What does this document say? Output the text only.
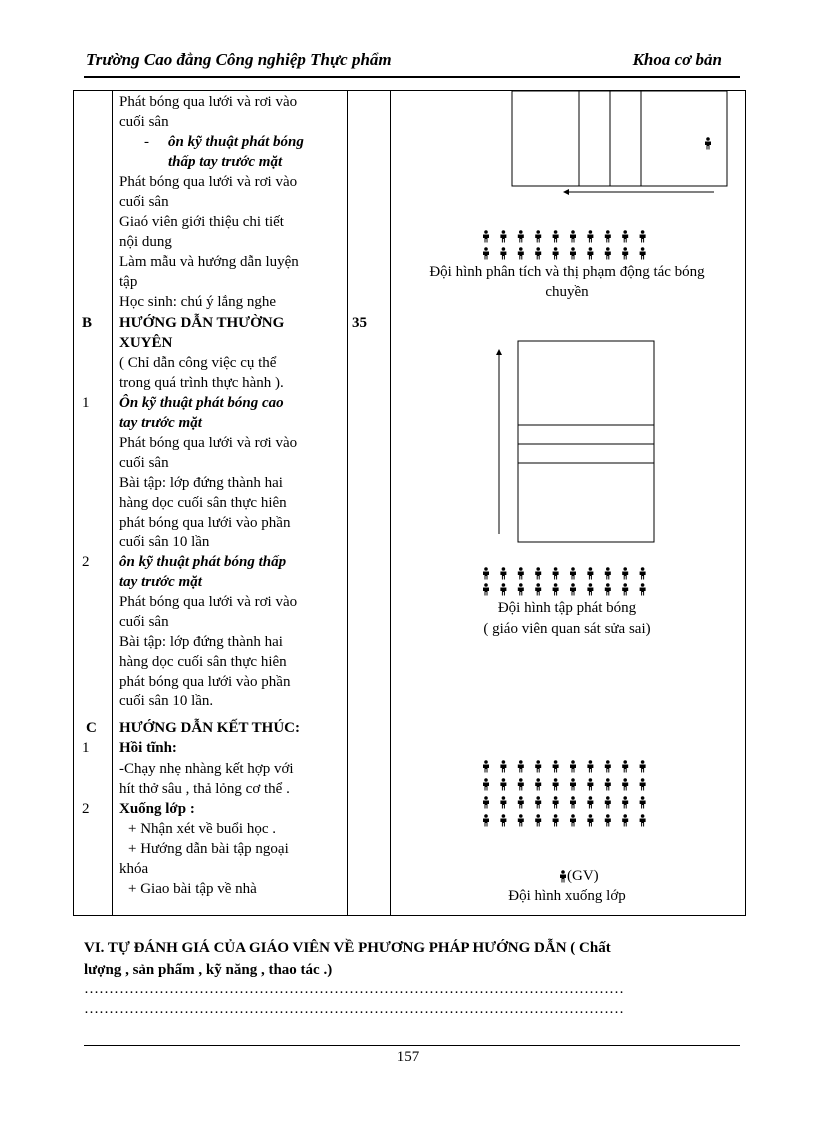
Trường Cao đẳng Công nghiệp Thực phẩm	Khoa cơ bản
B
1
2
C
1
2
35
Phát bóng qua lưới và rơi vào
cuối sân
- ôn kỹ thuật phát bóng
thấp tay trước mặt
Phát bóng qua lưới và rơi vào
cuối sân
Giaó viên giới thiệu chi tiết
nội dung
Làm mẫu và hướng dẫn luyện
tập
Học sinh: chú ý lắng nghe
HƯỚNG DẪN THƯỜNG
XUYÊN
( Chỉ dẫn công việc cụ thể
trong quá trình thực hành ).
Ôn kỹ thuật phát bóng cao
tay trước mặt
Phát bóng qua lưới và rơi vào
cuối sân
Bài tập: lớp đứng thành hai
hàng dọc cuối sân thực hiên
phát bóng qua lưới vào phần
cuối sân 10 lần
ôn kỹ thuật phát bóng thấp
tay trước mặt
Phát bóng qua lưới và rơi vào
cuối sân
Bài tập: lớp đứng thành hai
hàng dọc cuối sân thực hiên
phát bóng qua lưới vào phần
cuối sân 10 lần.
HƯỚNG DẪN KẾT THÚC:
Hồi tĩnh:
-Chạy nhẹ nhàng kết hợp với
hít thở sâu , thả lỏng cơ thể .
Xuống lớp :
+ Nhận xét về buổi học .
+ Hướng dẫn bài tập ngoại
khóa
+ Giao bài tập về nhà
(GV)
Đội hình phân tích và thị phạm động tác bóng
chuyền
Đội hình tập phát bóng
( giáo viên quan sát sửa sai)
Đội hình xuống lớp
VI. TỰ ĐÁNH GIÁ CỦA GIÁO VIÊN VỀ PHƯƠNG PHÁP HƯỚNG DẪN ( Chất
lượng , sản phẩm , kỹ năng , thao tác .)
………………………………………………………………………………………………
………………………………………………………………………………………………
157
